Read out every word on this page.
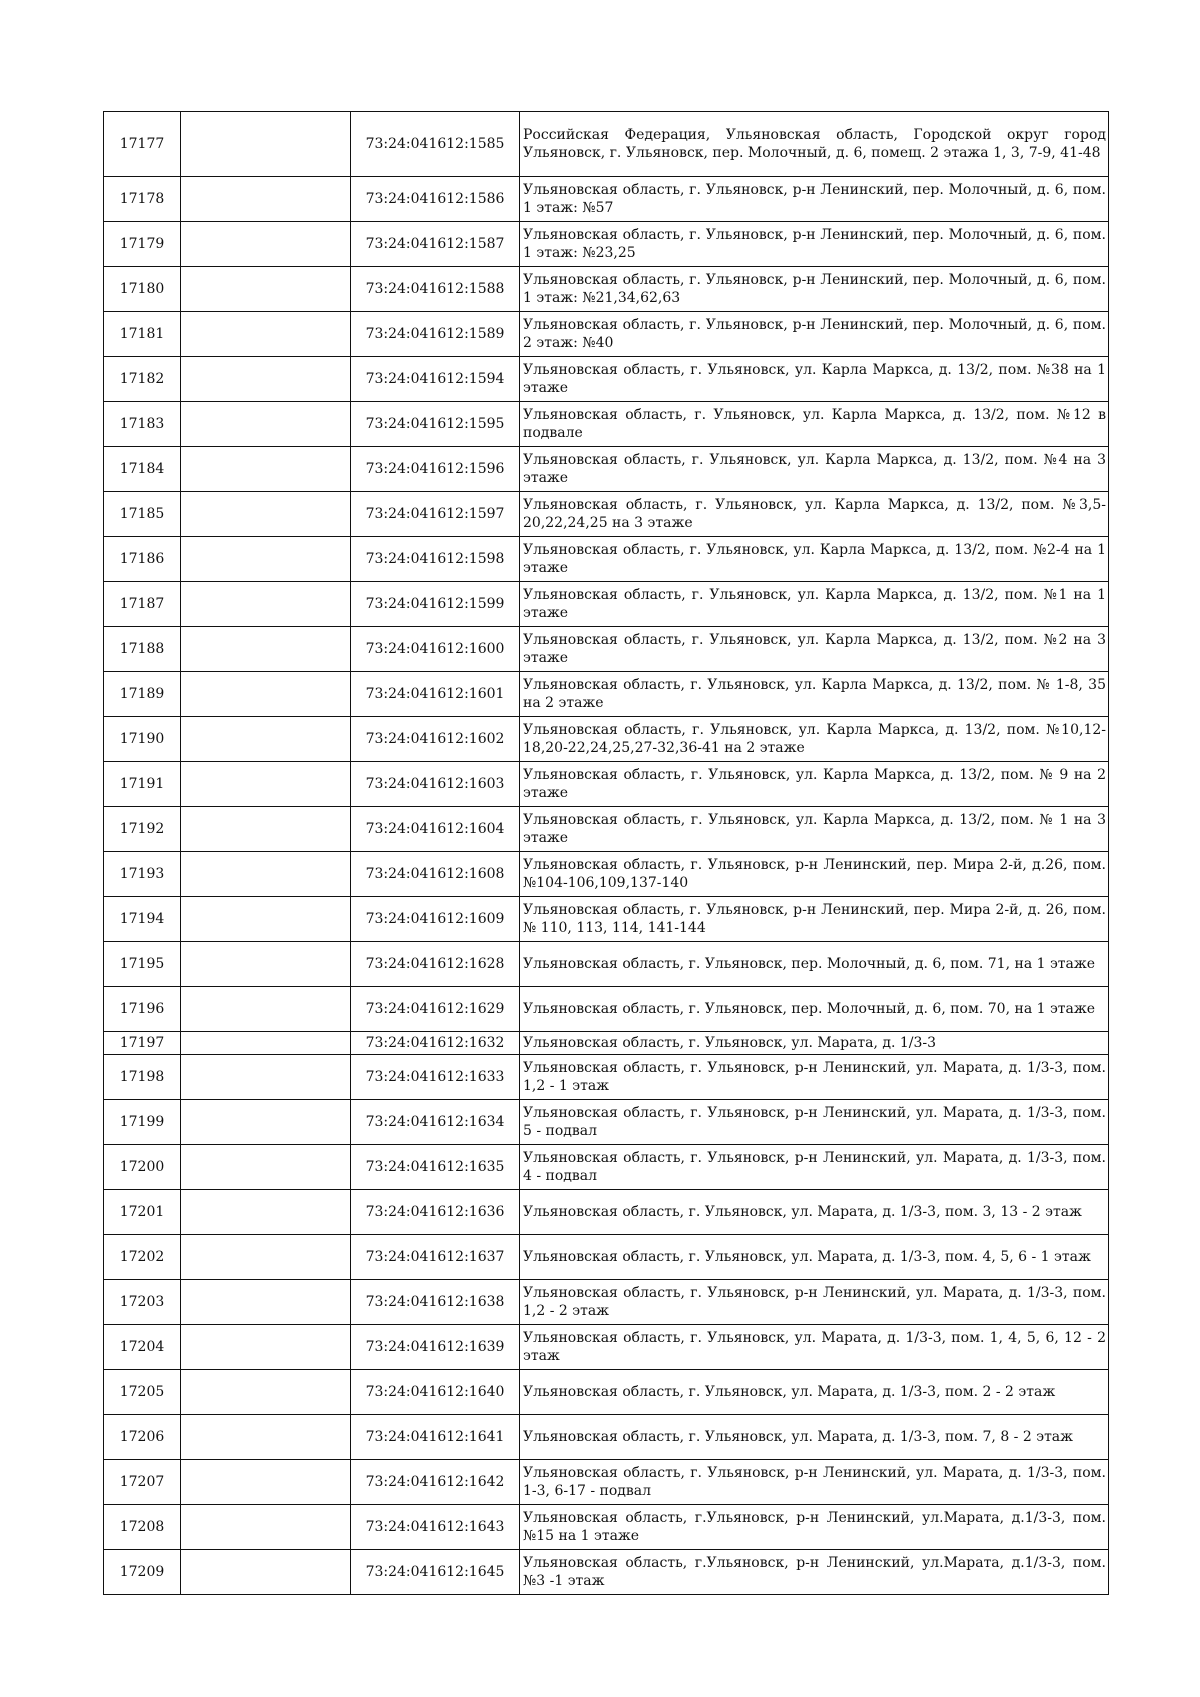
17177		73:24:041612:1585	Российская Федерация, Ульяновская область, Городской округ город Ульяновск, г. Ульяновск, пер. Молочный, д. 6, помещ. 2 этажа 1, 3, 7-9, 41-48
17178		73:24:041612:1586	Ульяновская область, г. Ульяновск, р-н Ленинский, пер. Молочный, д. 6, пом. 1 этаж: №57
17179		73:24:041612:1587	Ульяновская область, г. Ульяновск, р-н Ленинский, пер. Молочный, д. 6, пом. 1 этаж: №23,25
17180		73:24:041612:1588	Ульяновская область, г. Ульяновск, р-н Ленинский, пер. Молочный, д. 6, пом. 1 этаж: №21,34,62,63
17181		73:24:041612:1589	Ульяновская область, г. Ульяновск, р-н Ленинский, пер. Молочный, д. 6, пом. 2 этаж: №40
17182		73:24:041612:1594	Ульяновская область, г. Ульяновск, ул. Карла Маркса, д. 13/2, пом. №38 на 1 этаже
17183		73:24:041612:1595	Ульяновская область, г. Ульяновск, ул. Карла Маркса, д. 13/2, пом. №12 в подвале
17184		73:24:041612:1596	Ульяновская область, г. Ульяновск, ул. Карла Маркса, д. 13/2, пом. №4 на 3 этаже
17185		73:24:041612:1597	Ульяновская область, г. Ульяновск, ул. Карла Маркса, д. 13/2, пом. №3,5-20,22,24,25 на 3 этаже
17186		73:24:041612:1598	Ульяновская область, г. Ульяновск, ул. Карла Маркса, д. 13/2, пом. №2-4 на 1 этаже
17187		73:24:041612:1599	Ульяновская область, г. Ульяновск, ул. Карла Маркса, д. 13/2, пом. №1 на 1 этаже
17188		73:24:041612:1600	Ульяновская область, г. Ульяновск, ул. Карла Маркса, д. 13/2, пом. №2 на 3 этаже
17189		73:24:041612:1601	Ульяновская область, г. Ульяновск, ул. Карла Маркса, д. 13/2, пом. № 1-8, 35 на 2 этаже
17190		73:24:041612:1602	Ульяновская область, г. Ульяновск, ул. Карла Маркса, д. 13/2, пом. №10,12-18,20-22,24,25,27-32,36-41 на 2 этаже
17191		73:24:041612:1603	Ульяновская область, г. Ульяновск, ул. Карла Маркса, д. 13/2, пом. № 9 на 2 этаже
17192		73:24:041612:1604	Ульяновская область, г. Ульяновск, ул. Карла Маркса, д. 13/2, пом. № 1 на 3 этаже
17193		73:24:041612:1608	Ульяновская область, г. Ульяновск, р-н Ленинский, пер. Мира 2-й, д.26, пом. №104-106,109,137-140
17194		73:24:041612:1609	Ульяновская область, г. Ульяновск, р-н Ленинский, пер. Мира 2-й, д. 26, пом. № 110, 113, 114, 141-144
17195		73:24:041612:1628	Ульяновская область, г. Ульяновск, пер. Молочный, д. 6, пом. 71, на 1 этаже
17196		73:24:041612:1629	Ульяновская область, г. Ульяновск, пер. Молочный, д. 6, пом. 70, на 1 этаже
17197		73:24:041612:1632	Ульяновская область, г. Ульяновск, ул. Марата, д. 1/3-3
17198		73:24:041612:1633	Ульяновская область, г. Ульяновск, р-н Ленинский, ул. Марата, д. 1/3-3, пом. 1,2 - 1 этаж
17199		73:24:041612:1634	Ульяновская область, г. Ульяновск, р-н Ленинский, ул. Марата, д. 1/3-3, пом. 5 - подвал
17200		73:24:041612:1635	Ульяновская область, г. Ульяновск, р-н Ленинский, ул. Марата, д. 1/3-3, пом. 4 - подвал
17201		73:24:041612:1636	Ульяновская область, г. Ульяновск, ул. Марата, д. 1/3-3, пом. 3, 13 - 2 этаж
17202		73:24:041612:1637	Ульяновская область, г. Ульяновск, ул. Марата, д. 1/3-3, пом. 4, 5, 6 - 1 этаж
17203		73:24:041612:1638	Ульяновская область, г. Ульяновск, р-н Ленинский, ул. Марата, д. 1/3-3, пом. 1,2 - 2 этаж
17204		73:24:041612:1639	Ульяновская область, г. Ульяновск, ул. Марата, д. 1/3-3, пом. 1, 4, 5, 6, 12 - 2 этаж
17205		73:24:041612:1640	Ульяновская область, г. Ульяновск, ул. Марата, д. 1/3-3, пом. 2 - 2 этаж
17206		73:24:041612:1641	Ульяновская область, г. Ульяновск, ул. Марата, д. 1/3-3, пом. 7, 8 - 2 этаж
17207		73:24:041612:1642	Ульяновская область, г. Ульяновск, р-н Ленинский, ул. Марата, д. 1/3-3, пом. 1-3, 6-17 - подвал
17208		73:24:041612:1643	Ульяновская область, г.Ульяновск, р-н Ленинский, ул.Марата, д.1/3-3, пом. №15 на 1 этаже
17209		73:24:041612:1645	Ульяновская область, г.Ульяновск, р-н Ленинский, ул.Марата, д.1/3-3, пом. №3 -1 этаж
